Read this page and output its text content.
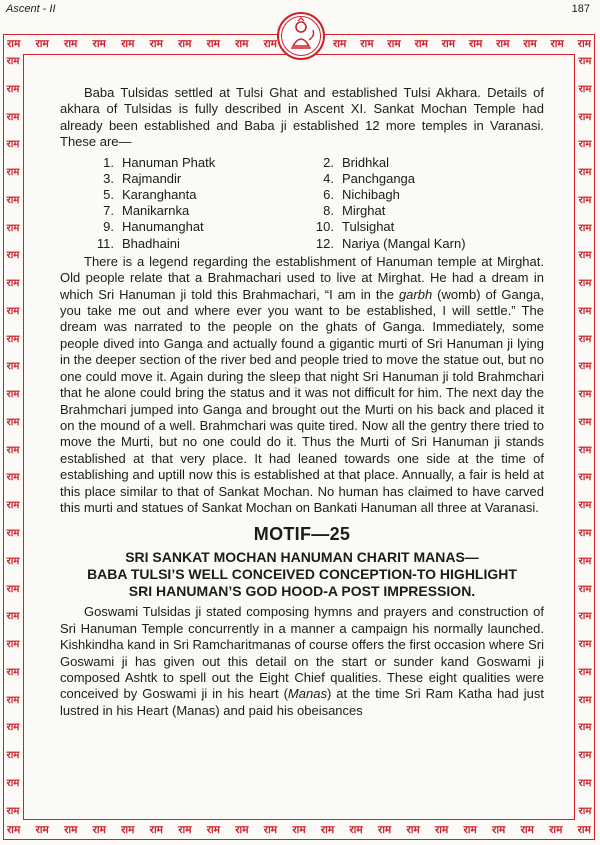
Ascent - II	187
राम राम राम राम राम राम राम राम राम राम	राम राम राम राम राम राम राम राम राम राम
राम राम राम राम राम राम राम राम राम राम राम राम राम राम राम राम राम राम राम राम राम
राम
राम
राम
राम
राम
राम
राम
राम
राम
राम
राम
राम
राम
राम
राम
राम
राम
राम
राम
राम
राम
राम
राम
राम
राम
राम
राम
राम
राम
राम
राम
राम
राम
राम
राम
राम
राम
राम
राम
राम
राम
राम
राम
राम
राम
राम
राम
राम
राम
राम
राम
राम
राम
राम
राम
राम

Baba Tulsidas settled at Tulsi Ghat and established Tulsi Akhara. Details of akhara of Tulsidas is fully described in Ascent XI. Sankat Mochan Temple had already been established and Baba ji established 12 more temples in Varanasi. These are—

1. Hanuman Phatk
3. Rajmandir
5. Karanghanta
7. Manikarnka
9. Hanumanghat
11. Bhadhaini
2. Bridhkal
4. Panchganga
6. Nichibagh
8. Mirghat
10. Tulsighat
12. Nariya (Mangal Karn)

There is a legend regarding the establishment of Hanuman temple at Mirghat. Old people relate that a Brahmachari used to live at Mirghat. He had a dream in which Sri Hanuman ji told this Brahmachari, “I am in the garbh (womb) of Ganga, you take me out and where ever you want to be established, I will settle.” The dream was narrated to the people on the ghats of Ganga. Immediately, some people dived into Ganga and actually found a gigantic murti of Sri Hanuman ji lying in the deeper section of the river bed and people tried to move the statue out, but no one could move it. Again during the sleep that night Sri Hanuman ji told Brahmchari that he alone could bring the status and it was not difficult for him. The next day the Brahmchari jumped into Ganga and brought out the Murti on his back and placed it on the mound of a well. Brahmchari was quite tired. Now all the gentry there tried to move the Murti, but no one could do it. Thus the Murti of Sri Hanuman ji stands established at that very place. It had leaned towards one side at the time of establishing and uptill now this is established at that place. Annually, a fair is held at this place similar to that of Sankat Mochan. No human has claimed to have carved this murti and statues of Sankat Mochan on Bankati Hanuman all three at Varanasi.

MOTIF—25
SRI SANKAT MOCHAN HANUMAN CHARIT MANAS—
BABA TULSI’S WELL CONCEIVED CONCEPTION-TO HIGHLIGHT
SRI HANUMAN’S GOD HOOD-A POST IMPRESSION.

Goswami Tulsidas ji stated composing hymns and prayers and construction of Sri Hanuman Temple concurrently in a manner a campaign his normally launched. Kishkindha kand in Sri Ramcharitmanas of course offers the first occasion where Sri Goswami ji has given out this detail on the start or sunder kand Goswami ji composed Ashtk to spell out the Eight Chief qualities. These eight qualities were conceived by Goswami ji in his heart (Manas) at the time Sri Ram Katha had just lustred in his Heart (Manas) and paid his obeisances
